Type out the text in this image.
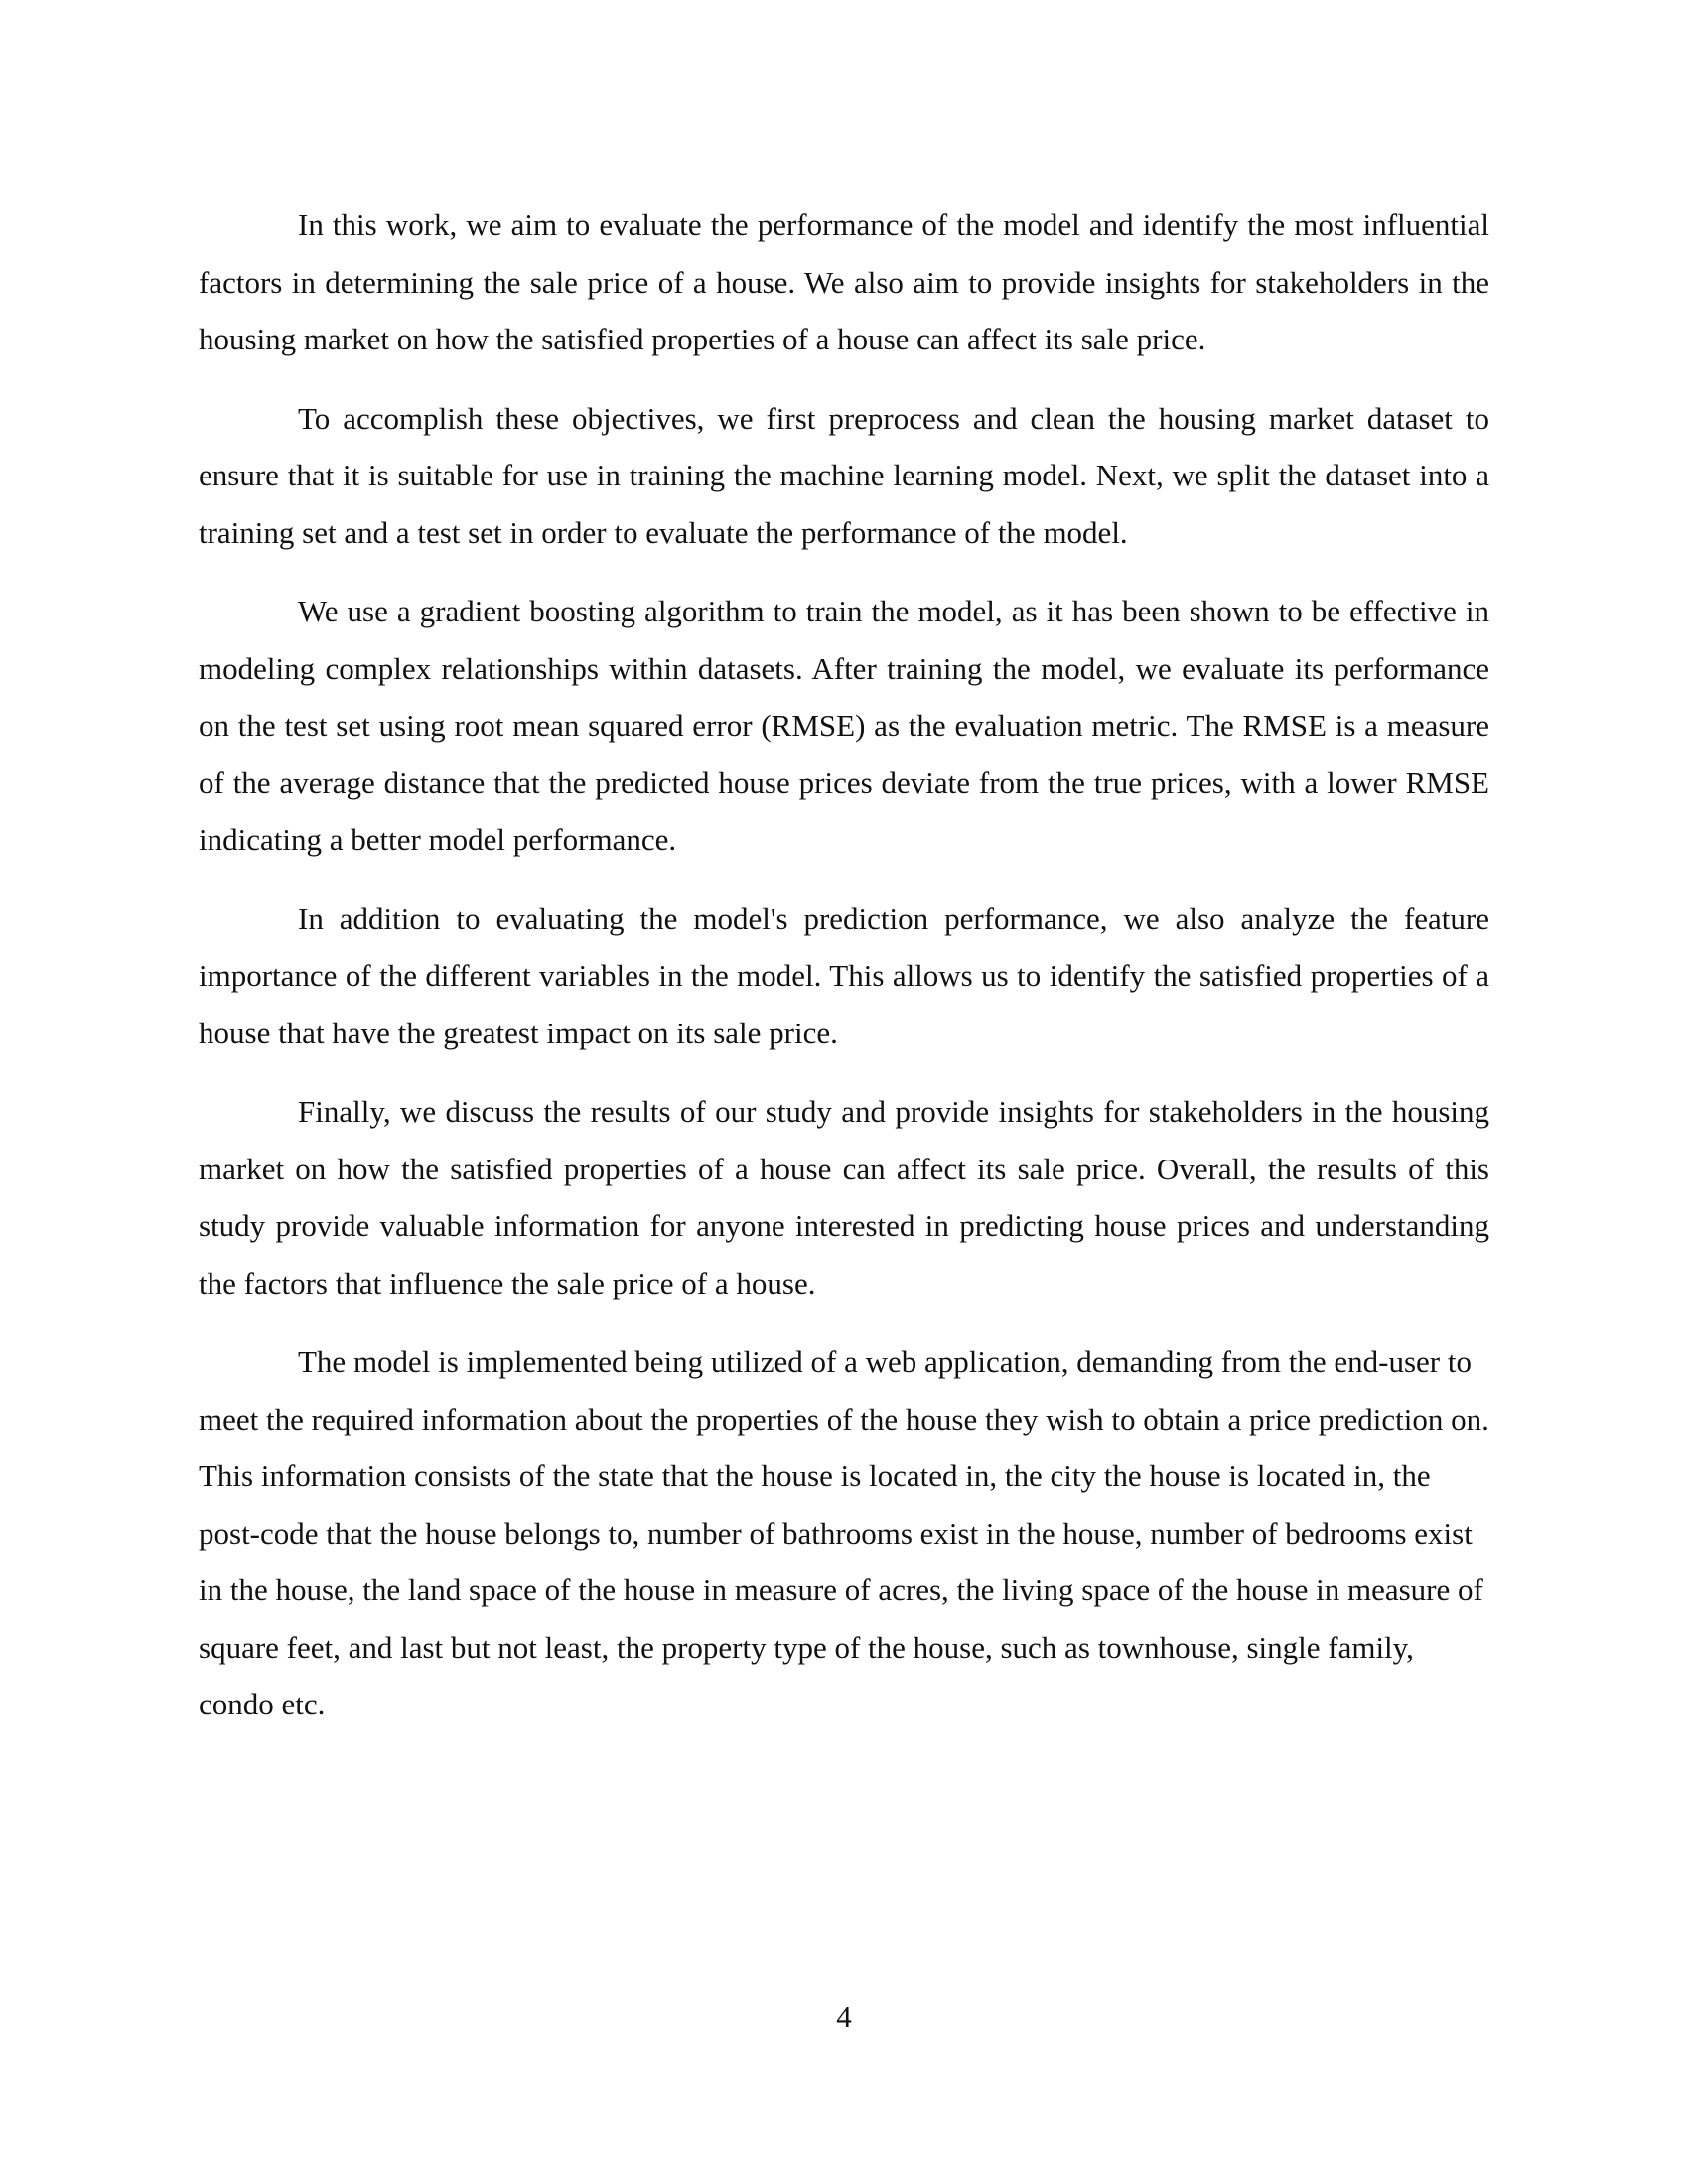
In this work, we aim to evaluate the performance of the model and identify the most influential factors in determining the sale price of a house. We also aim to provide insights for stakeholders in the housing market on how the satisfied properties of a house can affect its sale price.

To accomplish these objectives, we first preprocess and clean the housing market dataset to ensure that it is suitable for use in training the machine learning model. Next, we split the dataset into a training set and a test set in order to evaluate the performance of the model.

We use a gradient boosting algorithm to train the model, as it has been shown to be effective in modeling complex relationships within datasets. After training the model, we evaluate its performance on the test set using root mean squared error (RMSE) as the evaluation metric. The RMSE is a measure of the average distance that the predicted house prices deviate from the true prices, with a lower RMSE indicating a better model performance.

In addition to evaluating the model's prediction performance, we also analyze the feature importance of the different variables in the model. This allows us to identify the satisfied properties of a house that have the greatest impact on its sale price.

Finally, we discuss the results of our study and provide insights for stakeholders in the housing market on how the satisfied properties of a house can affect its sale price. Overall, the results of this study provide valuable information for anyone interested in predicting house prices and understanding the factors that influence the sale price of a house.

The model is implemented being utilized of a web application, demanding from the end-user to meet the required information about the properties of the house they wish to obtain a price prediction on. This information consists of the state that the house is located in, the city the house is located in, the post-code that the house belongs to, number of bathrooms exist in the house, number of bedrooms exist in the house, the land space of the house in measure of acres, the living space of the house in measure of square feet, and last but not least, the property type of the house, such as townhouse, single family, condo etc.

4
